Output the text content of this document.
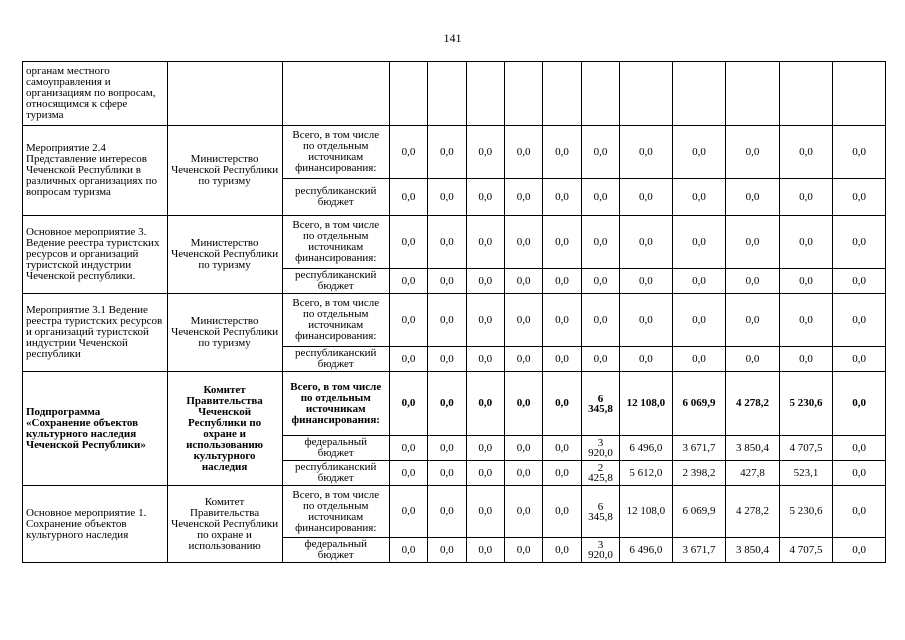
141
органам местного самоуправления и организациям по вопросам, относящимся к сфере туризма													
Мероприятие 2.4 Представление интересов Чеченской Республики в различных организациях по вопросам туризма	Министерство Чеченской Республики по туризму	Всего, в том числе по отдельным источникам финансирования:	0,0	0,0	0,0	0,0	0,0	0,0	0,0	0,0	0,0	0,0	0,0
		республиканский бюджет	0,0	0,0	0,0	0,0	0,0	0,0	0,0	0,0	0,0	0,0	0,0
Основное мероприятие 3. Ведение реестра туристских ресурсов и организаций туристской индустрии Чеченской республики.	Министерство Чеченской Республики по туризму	Всего, в том числе по отдельным источникам финансирования:	0,0	0,0	0,0	0,0	0,0	0,0	0,0	0,0	0,0	0,0	0,0
		республиканский бюджет	0,0	0,0	0,0	0,0	0,0	0,0	0,0	0,0	0,0	0,0	0,0
Мероприятие 3.1 Ведение реестра туристских ресурсов и организаций туристской индустрии Чеченской республики	Министерство Чеченской Республики по туризму	Всего, в том числе по отдельным источникам финансирования:	0,0	0,0	0,0	0,0	0,0	0,0	0,0	0,0	0,0	0,0	0,0
		республиканский бюджет	0,0	0,0	0,0	0,0	0,0	0,0	0,0	0,0	0,0	0,0	0,0
Подпрограмма «Сохранение объектов культурного наследия Чеченской Республики»	Комитет Правительства Чеченской Республики по охране и использованию культурного наследия	Всего, в том числе по отдельным источникам финансирования:	0,0	0,0	0,0	0,0	0,0	6 345,8	12 108,0	6 069,9	4 278,2	5 230,6	0,0
		федеральный бюджет	0,0	0,0	0,0	0,0	0,0	3 920,0	6 496,0	3 671,7	3 850,4	4 707,5	0,0
		республиканский бюджет	0,0	0,0	0,0	0,0	0,0	2 425,8	5 612,0	2 398,2	427,8	523,1	0,0
Основное мероприятие 1. Сохранение объектов культурного наследия	Комитет Правительства Чеченской Республики по охране и использованию	Всего, в том числе по отдельным источникам финансирования:	0,0	0,0	0,0	0,0	0,0	6 345,8	12 108,0	6 069,9	4 278,2	5 230,6	0,0
		федеральный бюджет	0,0	0,0	0,0	0,0	0,0	3 920,0	6 496,0	3 671,7	3 850,4	4 707,5	0,0
